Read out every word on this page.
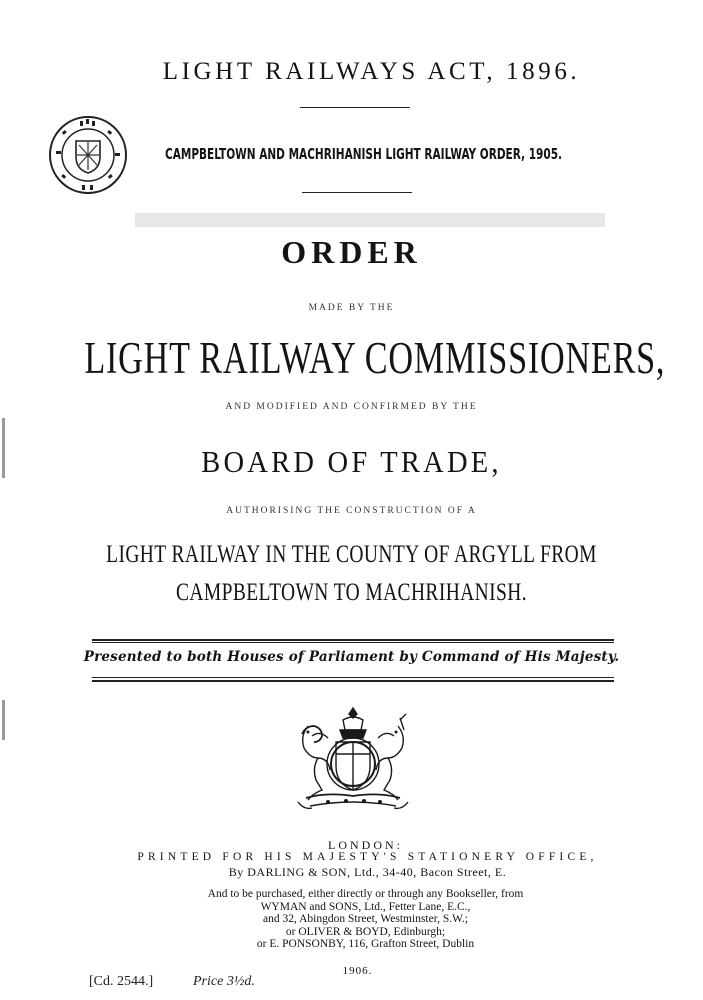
LIGHT RAILWAYS ACT, 1896.
CAMPBELTOWN AND MACHRIHANISH LIGHT RAILWAY ORDER, 1905.
ORDER
MADE BY THE
LIGHT RAILWAY COMMISSIONERS,
AND MODIFIED AND CONFIRMED BY THE
BOARD OF TRADE,
AUTHORISING THE CONSTRUCTION OF A
LIGHT RAILWAY IN THE COUNTY OF ARGYLL FROM
CAMPBELTOWN TO MACHRIHANISH.
Presented to both Houses of Parliament by Command of His Majesty.
LONDON:
PRINTED FOR HIS MAJESTY'S STATIONERY OFFICE,
By DARLING & SON, Ltd., 34-40, Bacon Street, E.
And to be purchased, either directly or through any Bookseller, from
WYMAN and SONS, Ltd., Fetter Lane, E.C.,
and 32, Abingdon Street, Westminster, S.W.;
or OLIVER & BOYD, Edinburgh;
or E. PONSONBY, 116, Grafton Street, Dublin
1906.
[Cd. 2544.]	Price 3½d.
